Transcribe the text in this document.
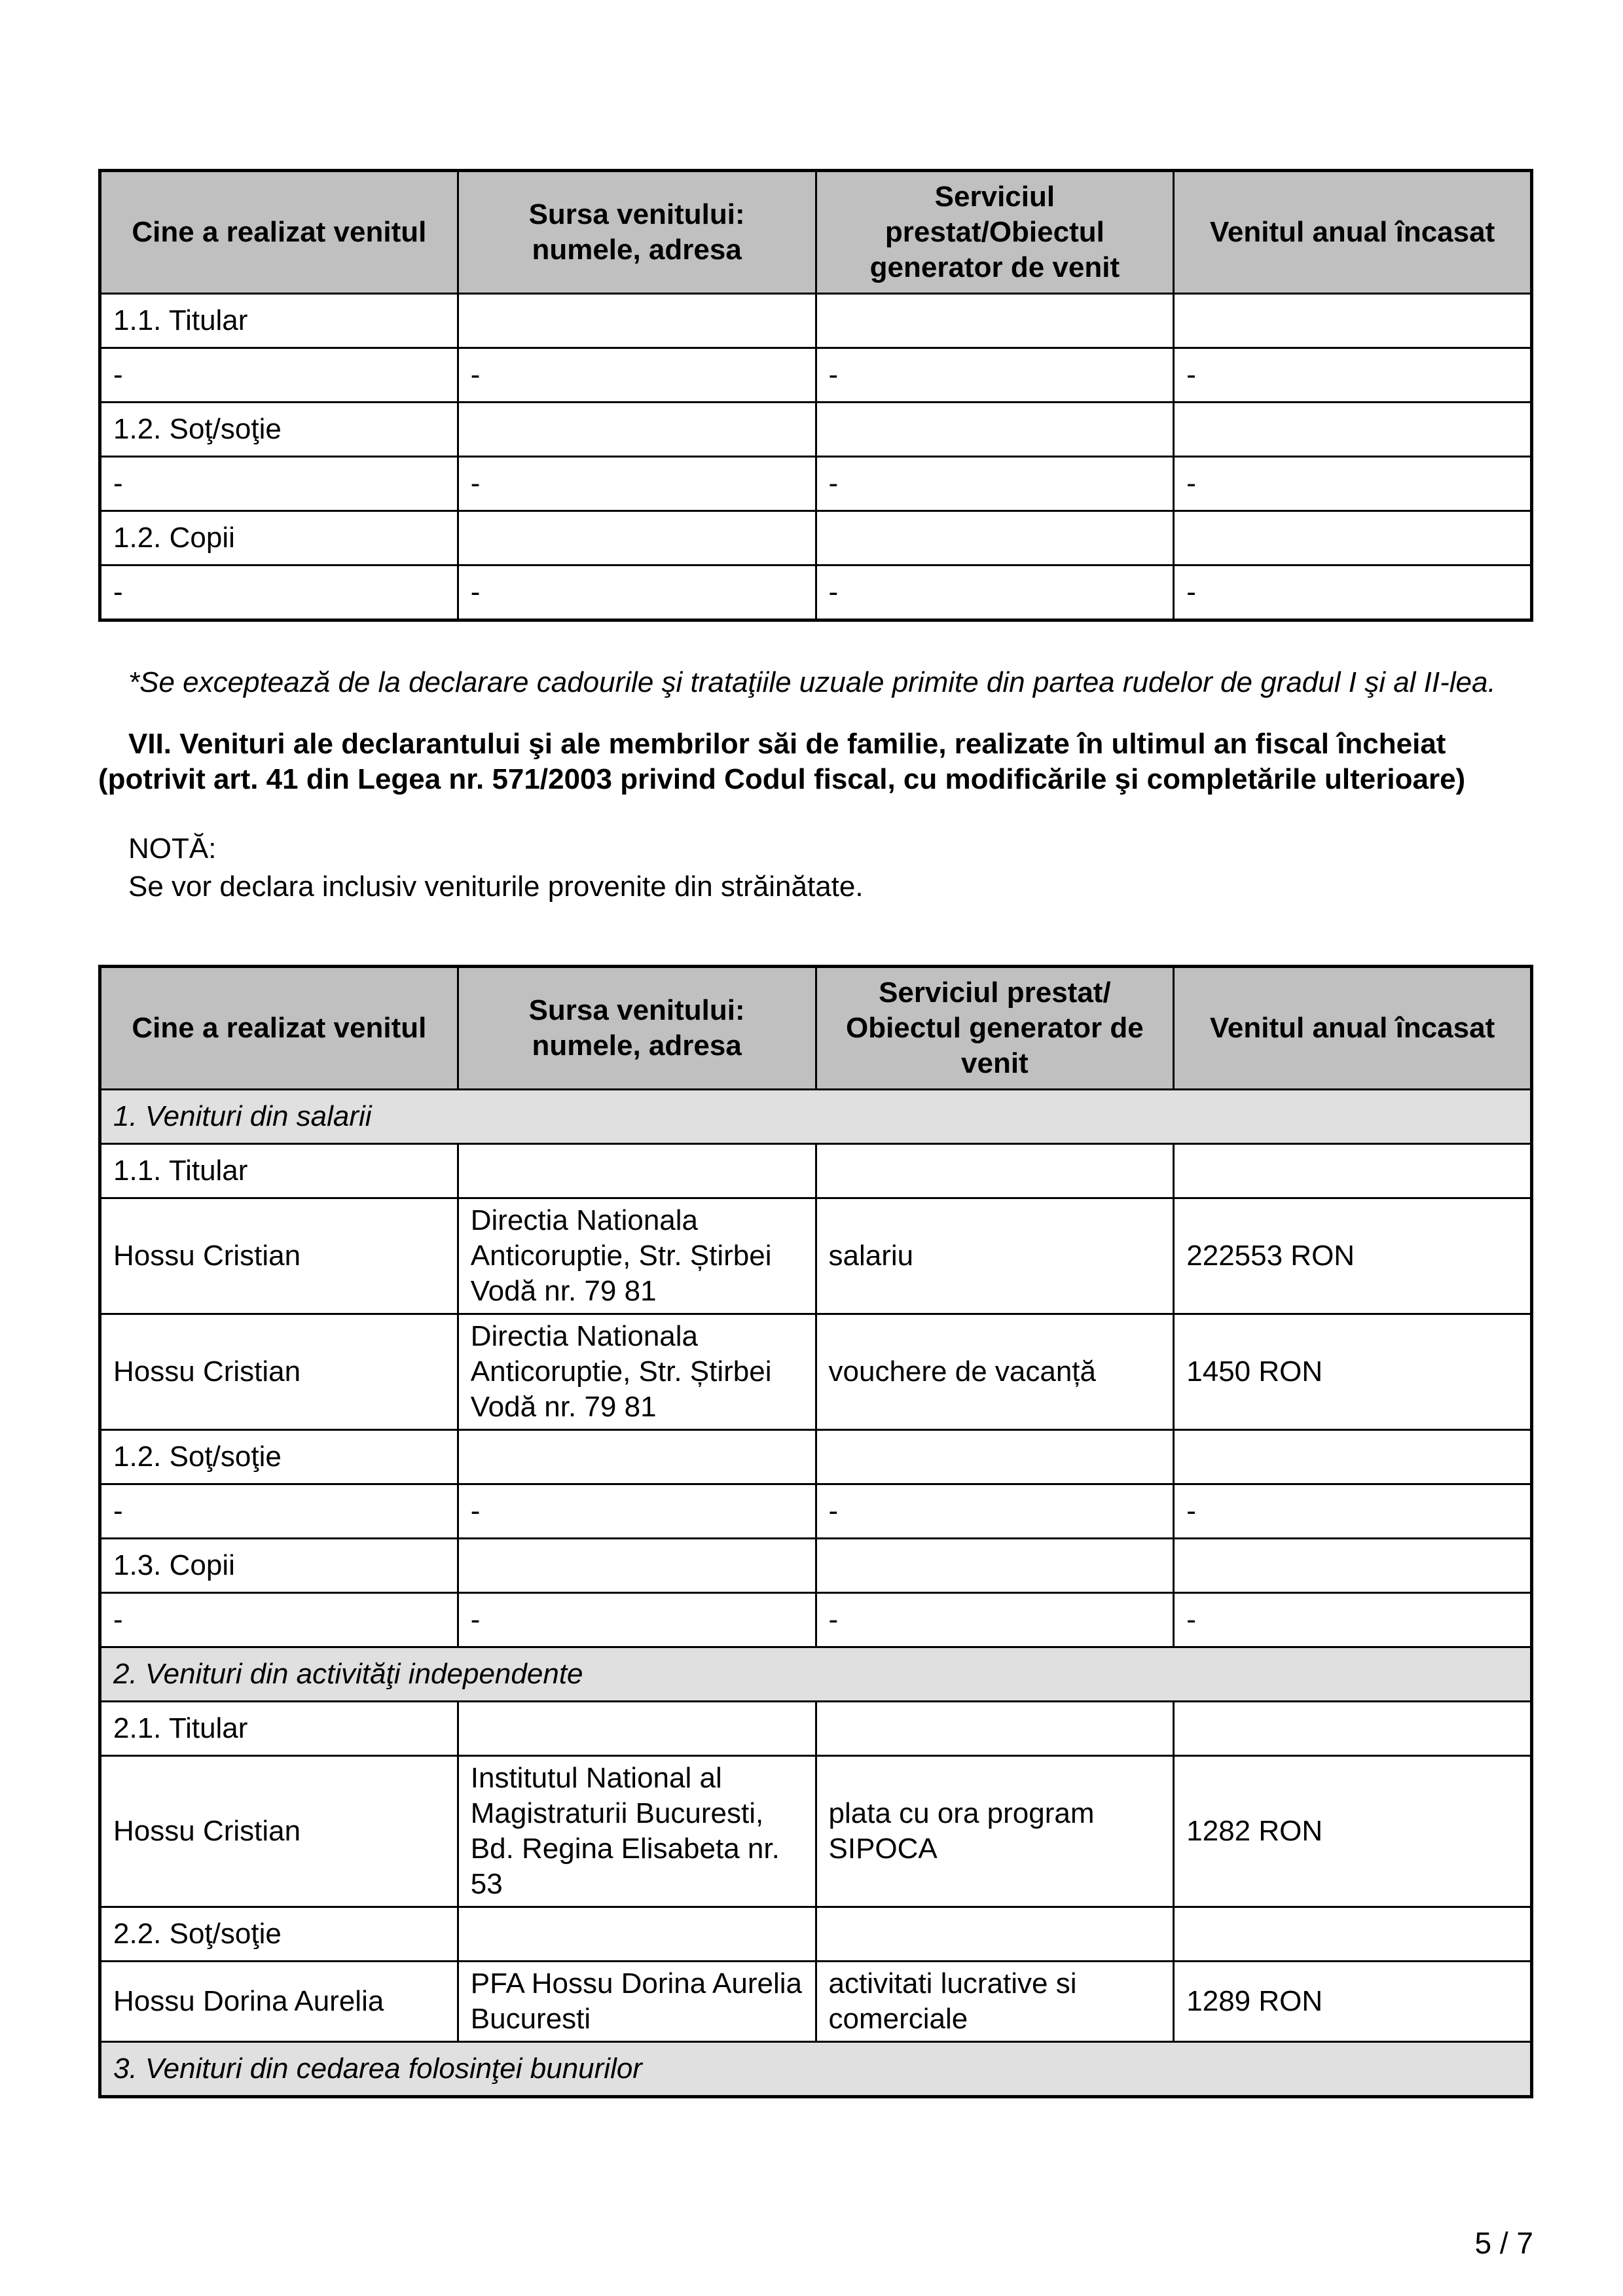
Cine a realizat venitul	Sursa venitului: numele, adresa	Serviciul prestat/Obiectul generator de venit	Venitul anual încasat
1.1. Titular			
-	-	-	-
1.2. Soţ/soţie			
-	-	-	-
1.2. Copii			
-	-	-	-

*Se exceptează de la declarare cadourile şi trataţiile uzuale primite din partea rudelor de gradul I şi al II-lea.

VII. Venituri ale declarantului şi ale membrilor săi de familie, realizate în ultimul an fiscal încheiat (potrivit art. 41 din Legea nr. 571/2003 privind Codul fiscal, cu modificările şi completările ulterioare)

NOTĂ:
Se vor declara inclusiv veniturile provenite din străinătate.
Cine a realizat venitul	Sursa venitului: numele, adresa	Serviciul prestat/ Obiectul generator de venit	Venitul anual încasat
1. Venituri din salarii			
1.1. Titular			
Hossu Cristian	Directia Nationala Anticoruptie, Str. Știrbei Vodă nr. 79 81	salariu	222553 RON
Hossu Cristian	Directia Nationala Anticoruptie, Str. Știrbei Vodă nr. 79 81	vouchere de vacanță	1450 RON
1.2. Soţ/soţie			
-	-	-	-
1.3. Copii			
-	-	-	-
2. Venituri din activităţi independente			
2.1. Titular			
Hossu Cristian	Institutul National al Magistraturii Bucuresti, Bd. Regina Elisabeta nr. 53	plata cu ora program SIPOCA	1282 RON
2.2. Soţ/soţie			
Hossu Dorina Aurelia	PFA Hossu Dorina Aurelia Bucuresti	activitati lucrative si comerciale	1289 RON
3. Venituri din cedarea folosinţei bunurilor			
5 / 7
